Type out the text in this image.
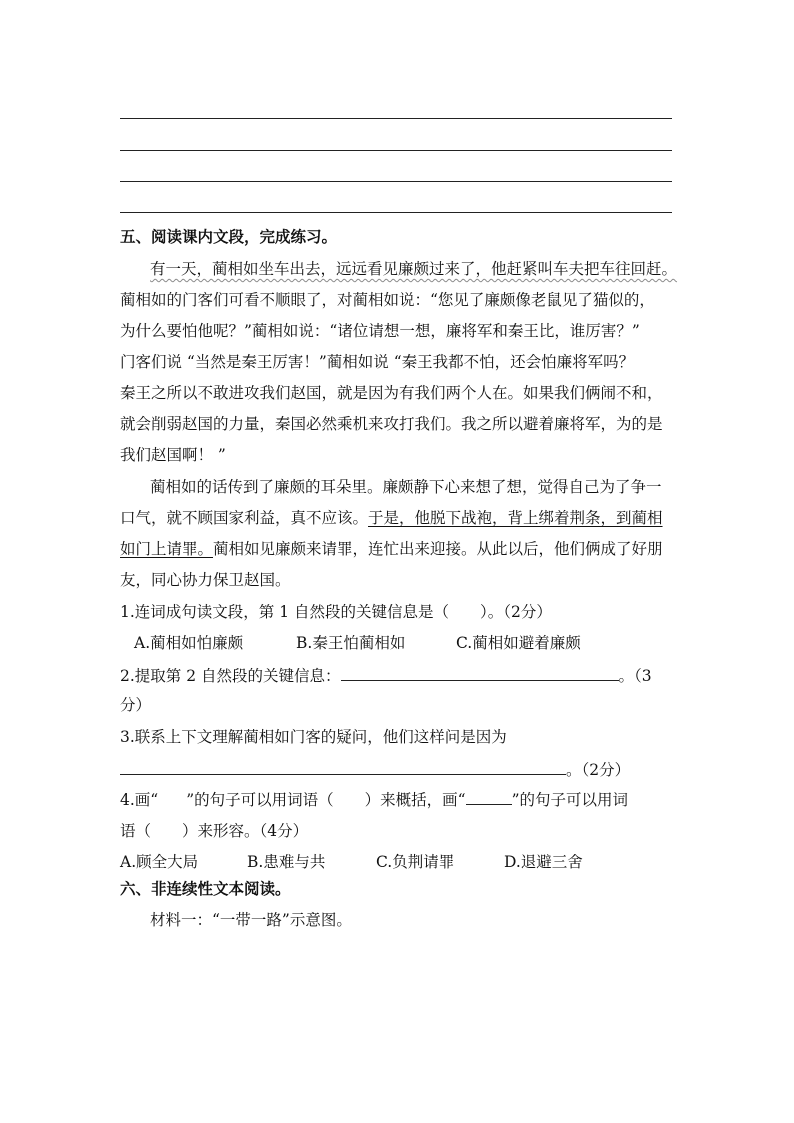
五、阅读课内文段，完成练习。
有一天，蔺相如坐车出去，远远看见廉颇过来了，他赶紧叫车夫把车往回赶。
蔺相如的门客们可看不顺眼了，对蔺相如说：“您见了廉颇像老鼠见了猫似的，
为什么要怕他呢？”蔺相如说：“诸位请想一想，廉将军和秦王比，谁厉害？”
门客们说 “当然是秦王厉害！”蔺相如说 “秦王我都不怕，还会怕廉将军吗？
秦王之所以不敢进攻我们赵国，就是因为有我们两个人在。如果我们俩闹不和，
就会削弱赵国的力量，秦国必然乘机来攻打我们。我之所以避着廉将军，为的是
我们赵国啊！ ”
蔺相如的话传到了廉颇的耳朵里。廉颇静下心来想了想，觉得自己为了争一
口气，就不顾国家利益，真不应该。于是，他脱下战袍，背上绑着荆条，到蔺相
如门上请罪。蔺相如见廉颇来请罪，连忙出来迎接。从此以后，他们俩成了好朋
友，同心协力保卫赵国。
1.连词成句读文段，第 1 自然段的关键信息是（　　）。（2分）
A.蔺相如怕廉颇	B.秦王怕蔺相如	C.蔺相如避着廉颇
2.提取第 2 自然段的关键信息：	。（3
分）
3.联系上下文理解蔺相如门客的疑问，他们这样问是因为
。（2分）
4.画“ ”的句子可以用词语（　　）来概括，画“	”的句子可以用词
语（　　）来形容。（4分）
A.顾全大局	B.患难与共	C.负荆请罪	D.退避三舍
六、非连续性文本阅读。
材料一：“一带一路”示意图。
